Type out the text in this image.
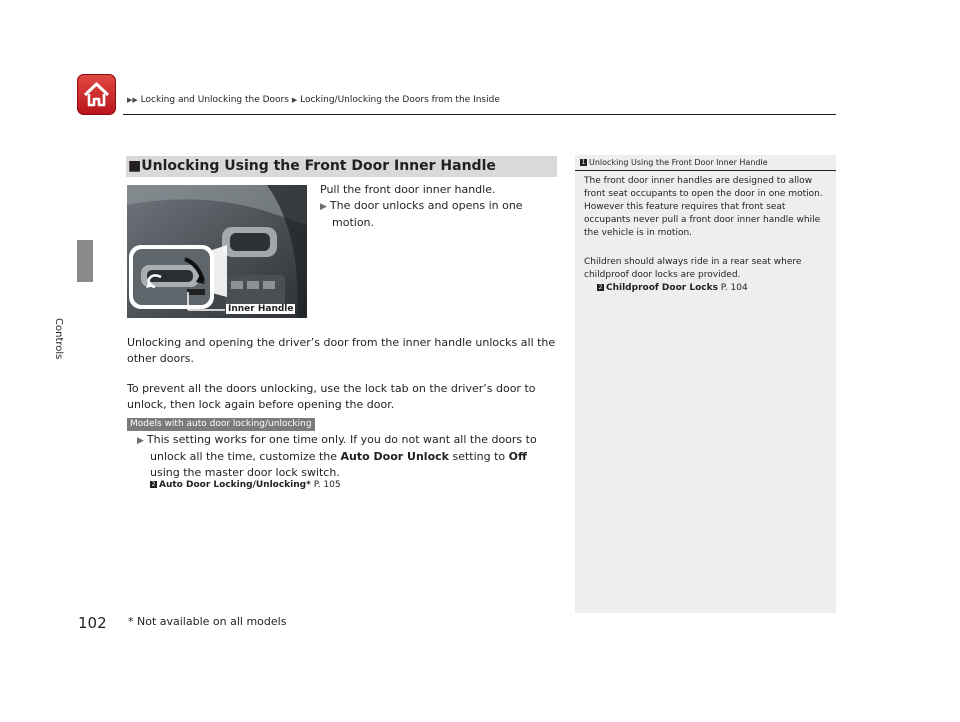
▶▶ Locking and Unlocking the Doors ▶ Locking/Unlocking the Doors from the Inside
Controls
■Unlocking Using the Front Door Inner Handle
Inner Handle
Pull the front door inner handle.
▶ The door unlocks and opens in one motion.
Unlocking and opening the driver’s door from the inner handle unlocks all the other doors.
To prevent all the doors unlocking, use the lock tab on the driver’s door to unlock, then lock again before opening the door.
Models with auto door locking/unlocking
▶ This setting works for one time only. If you do not want all the doors to unlock all the time, customize the Auto Door Unlock setting to Off using the master door lock switch.
2 Auto Door Locking/Unlocking* P. 105
1 Unlocking Using the Front Door Inner Handle
The front door inner handles are designed to allow front seat occupants to open the door in one motion. However this feature requires that front seat occupants never pull a front door inner handle while the vehicle is in motion.
Children should always ride in a rear seat where childproof door locks are provided.
2 Childproof Door Locks P. 104
102 * Not available on all models
